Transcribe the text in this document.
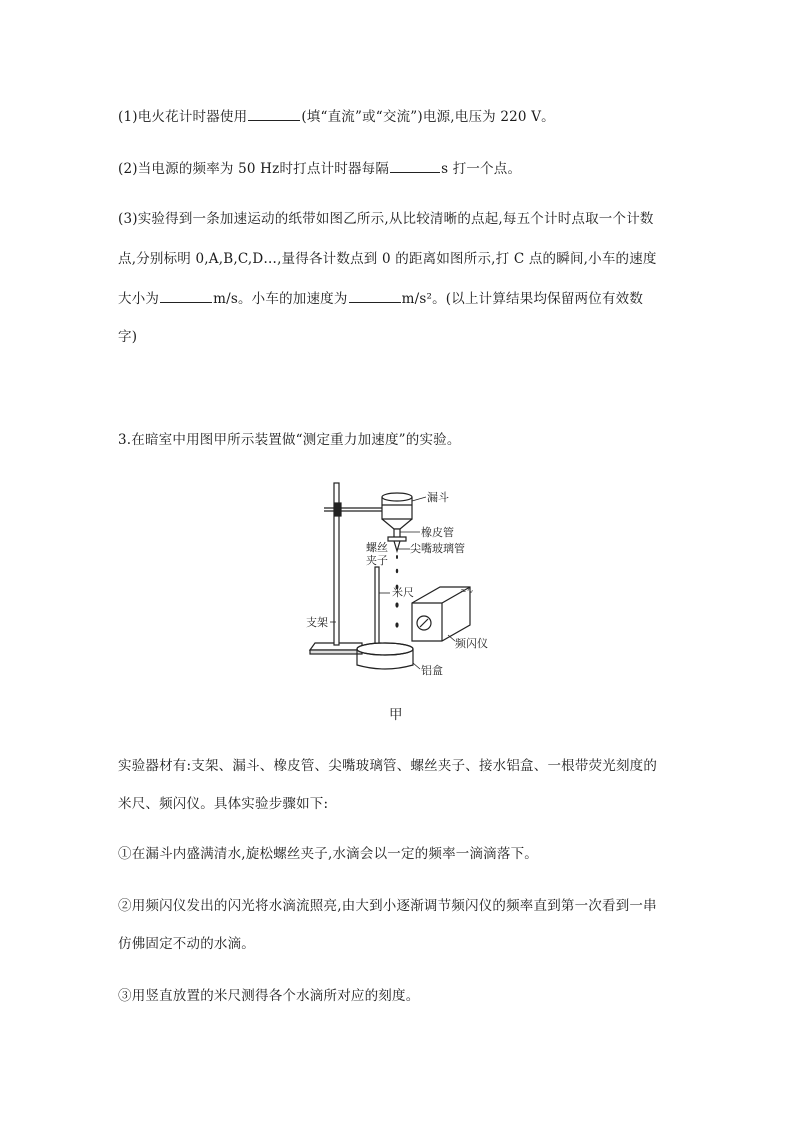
(1)电火花计时器使用	(填“直流”或“交流”)电源,电压为 220 V。
(2)当电源的频率为 50 Hz时打点计时器每隔	s 打一个点。
(3)实验得到一条加速运动的纸带如图乙所示,从比较清晰的点起,每五个计时点取一个计数
点,分别标明 0,A,B,C,D…,量得各计数点到 0 的距离如图所示,打 C 点的瞬间,小车的速度
大小为	m/s。小车的加速度为	m/s²。(以上计算结果均保留两位有效数
字)
3.在暗室中用图甲所示装置做“测定重力加速度”的实验。
≈∿
漏斗
橡皮管
螺丝
夹子
尖嘴玻璃管
米尺
支架
频闪仪
铝盒
甲
实验器材有:支架、漏斗、橡皮管、尖嘴玻璃管、螺丝夹子、接水铝盒、一根带荧光刻度的
米尺、频闪仪。具体实验步骤如下:
①在漏斗内盛满清水,旋松螺丝夹子,水滴会以一定的频率一滴滴落下。
②用频闪仪发出的闪光将水滴流照亮,由大到小逐渐调节频闪仪的频率直到第一次看到一串
仿佛固定不动的水滴。
③用竖直放置的米尺测得各个水滴所对应的刻度。
